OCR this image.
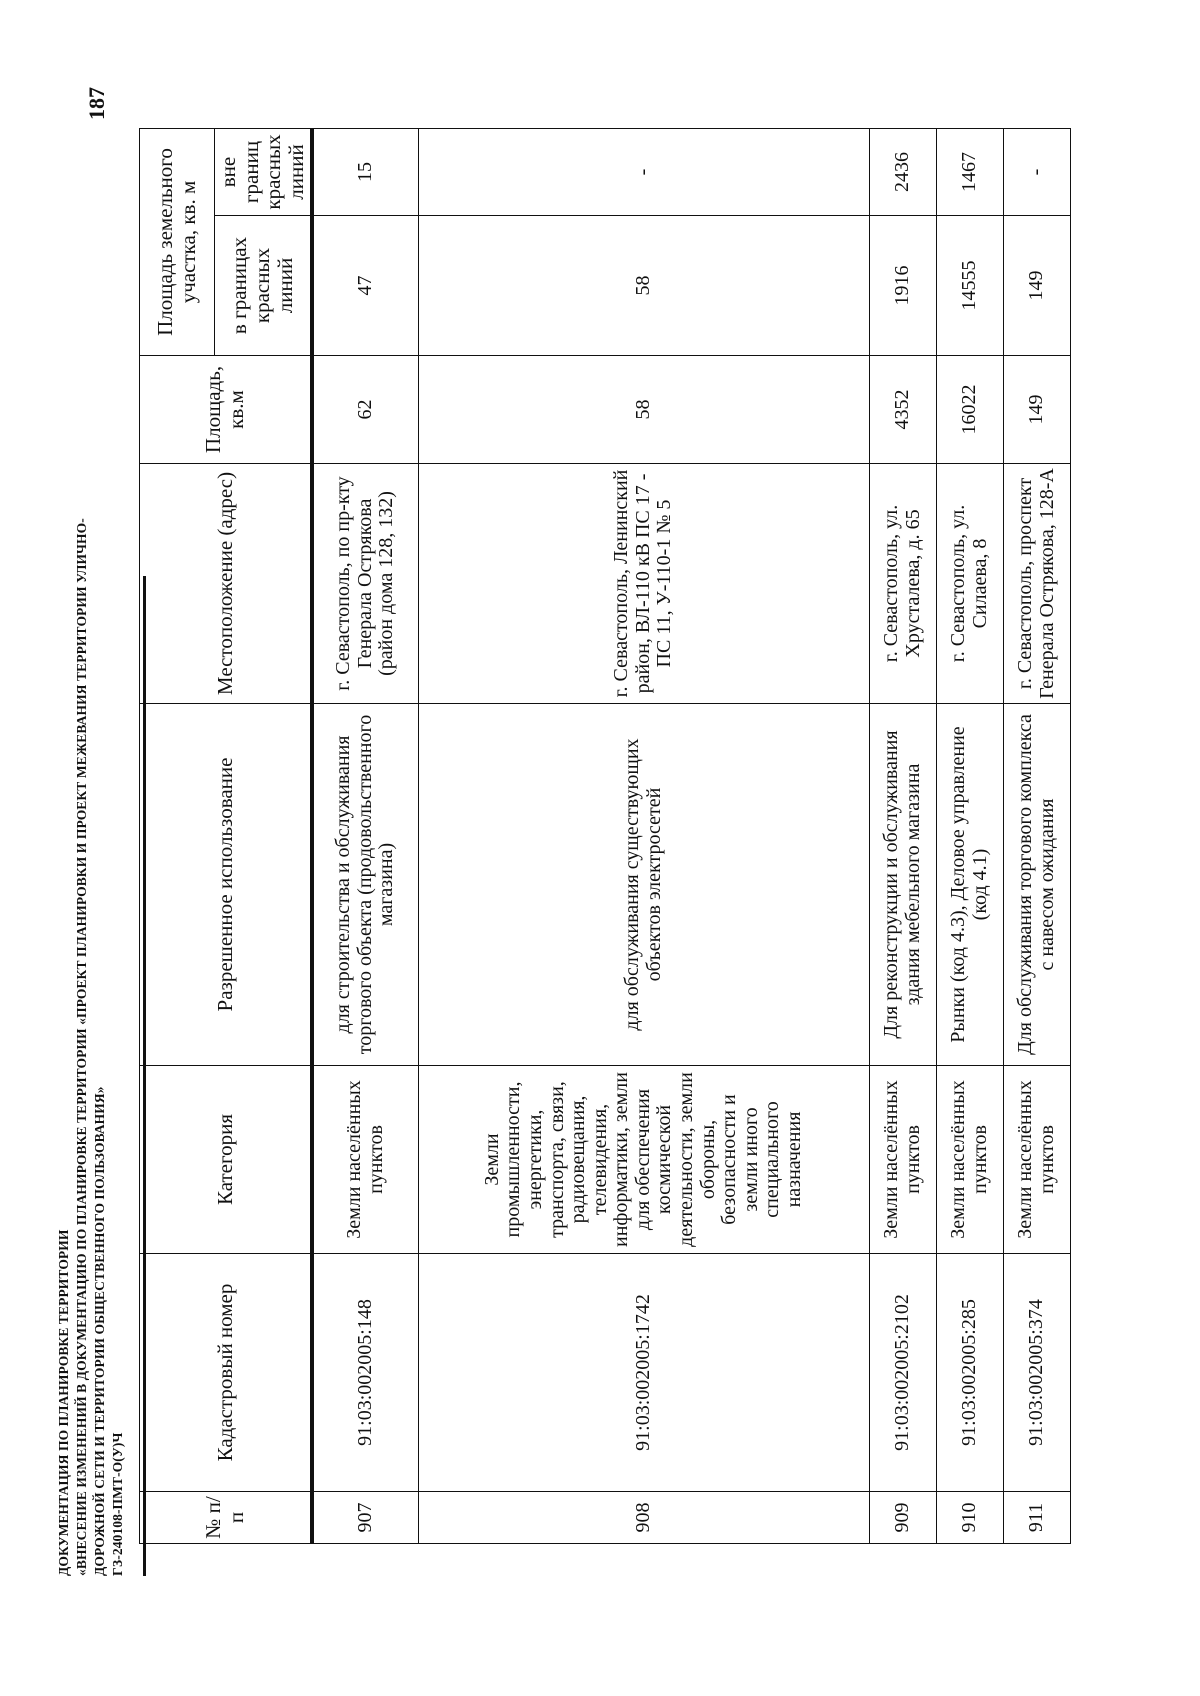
ДОКУМЕНТАЦИЯ ПО ПЛАНИРОВКЕ ТЕРРИТОРИИ «ВНЕСЕНИЕ ИЗМЕНЕНИЙ В ДОКУМЕНТАЦИЮ ПО ПЛАНИРОВКЕ ТЕРРИТОРИИ «ПРОЕКТ ПЛАНИРОВКИ И ПРОЕКТ МЕЖЕВАНИЯ ТЕРРИТОРИИ УЛИЧНО- ДОРОЖНОЙ СЕТИ И ТЕРРИТОРИИ ОБЩЕСТВЕННОГО ПОЛЬЗОВАНИЯ» ГЗ-240108-ПМТ-О(У)Ч
187
№ п/п	Кадастровый номер	Категория	Разрешенное использование	Местоположение (адрес)	Площадь, кв.м	Площадь земельного участка, кв. м	
						в границах красных линий	вне границ красных линий
907	91:03:002005:148	Земли населённых пунктов	для строительства и обслуживания торгового объекта (продовольственного магазина)	г. Севастополь, по пр-кту Генерала Острякова (район дома 128, 132)	62	47	15
908	91:03:002005:1742	Земли промышленности, энергетики, транспорта, связи, радиовещания, телевидения, информатики, земли для обеспечения космической деятельности, земли обороны, безопасности и земли иного специального назначения	для обслуживания существующих объектов электросетей	г. Севастополь, Ленинский район, ВЛ-110 кВ ПС 17 - ПС 11, У-110-1 № 5	58	58	-
909	91:03:002005:2102	Земли населённых пунктов	Для реконструкции и обслуживания здания мебельного магазина	г. Севастополь, ул. Хрусталева, д. 65	4352	1916	2436
910	91:03:002005:285	Земли населённых пунктов	Рынки (код 4.3), Деловое управление (код 4.1)	г. Севастополь, ул. Силаева, 8	16022	14555	1467
911	91:03:002005:374	Земли населённых пунктов	Для обслуживания торгового комплекса с навесом ожидания	г. Севастополь, проспект Генерала Острякова, 128-А	149	149	-
